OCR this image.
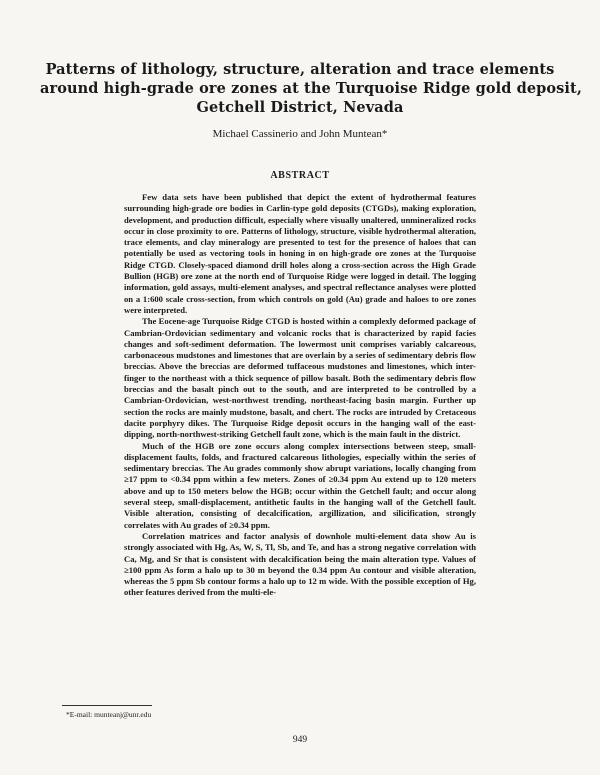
Patterns of lithology, structure, alteration and trace elements
around high-grade ore zones at the Turquoise Ridge gold deposit,
Getchell District, Nevada
Michael Cassinerio and John Muntean*
ABSTRACT

Few data sets have been published that depict the extent of hydrothermal features surrounding high-grade ore bodies in Carlin-type gold deposits (CTGDs), making exploration, development, and production difficult, especially where visually unaltered, unmineralized rocks occur in close proximity to ore. Patterns of lithology, structure, visible hydrothermal alteration, trace elements, and clay mineralogy are presented to test for the presence of haloes that can potentially be used as vectoring tools in honing in on high-grade ore zones at the Turquoise Ridge CTGD. Closely-spaced diamond drill holes along a cross-section across the High Grade Bullion (HGB) ore zone at the north end of Turquoise Ridge were logged in detail. The logging information, gold assays, multi-element analyses, and spectral reflectance analyses were plotted on a 1:600 scale cross-section, from which controls on gold (Au) grade and haloes to ore zones were interpreted.

The Eocene-age Turquoise Ridge CTGD is hosted within a complexly deformed package of Cambrian-Ordovician sedimentary and volcanic rocks that is characterized by rapid facies changes and soft-sediment deformation. The lowermost unit comprises variably calcareous, carbonaceous mudstones and limestones that are overlain by a series of sedimentary debris flow breccias. Above the breccias are deformed tuffaceous mudstones and limestones, which inter-finger to the northeast with a thick sequence of pillow basalt. Both the sedimentary debris flow breccias and the basalt pinch out to the south, and are interpreted to be controlled by a Cambrian-Ordovician, west-northwest trending, northeast-facing basin margin. Further up section the rocks are mainly mudstone, basalt, and chert. The rocks are intruded by Cretaceous dacite porphyry dikes. The Turquoise Ridge deposit occurs in the hanging wall of the east-dipping, north-northwest-striking Getchell fault zone, which is the main fault in the district.

Much of the HGB ore zone occurs along complex intersections between steep, small-displacement faults, folds, and fractured calcareous lithologies, especially within the series of sedimentary breccias. The Au grades commonly show abrupt variations, locally changing from ≥17 ppm to <0.34 ppm within a few meters. Zones of ≥0.34 ppm Au extend up to 120 meters above and up to 150 meters below the HGB; occur within the Getchell fault; and occur along several steep, small-displacement, antithetic faults in the hanging wall of the Getchell fault. Visible alteration, consisting of decalcification, argillization, and silicification, strongly correlates with Au grades of ≥0.34 ppm.

Correlation matrices and factor analysis of downhole multi-element data show Au is strongly associated with Hg, As, W, S, Tl, Sb, and Te, and has a strong negative correlation with Ca, Mg, and Sr that is consistent with decalcification being the main alteration type. Values of ≥100 ppm As form a halo up to 30 m beyond the 0.34 ppm Au contour and visible alteration, whereas the 5 ppm Sb contour forms a halo up to 12 m wide. With the possible exception of Hg, other features derived from the multi-ele-

*E-mail: munteanj@unr.edu
949
